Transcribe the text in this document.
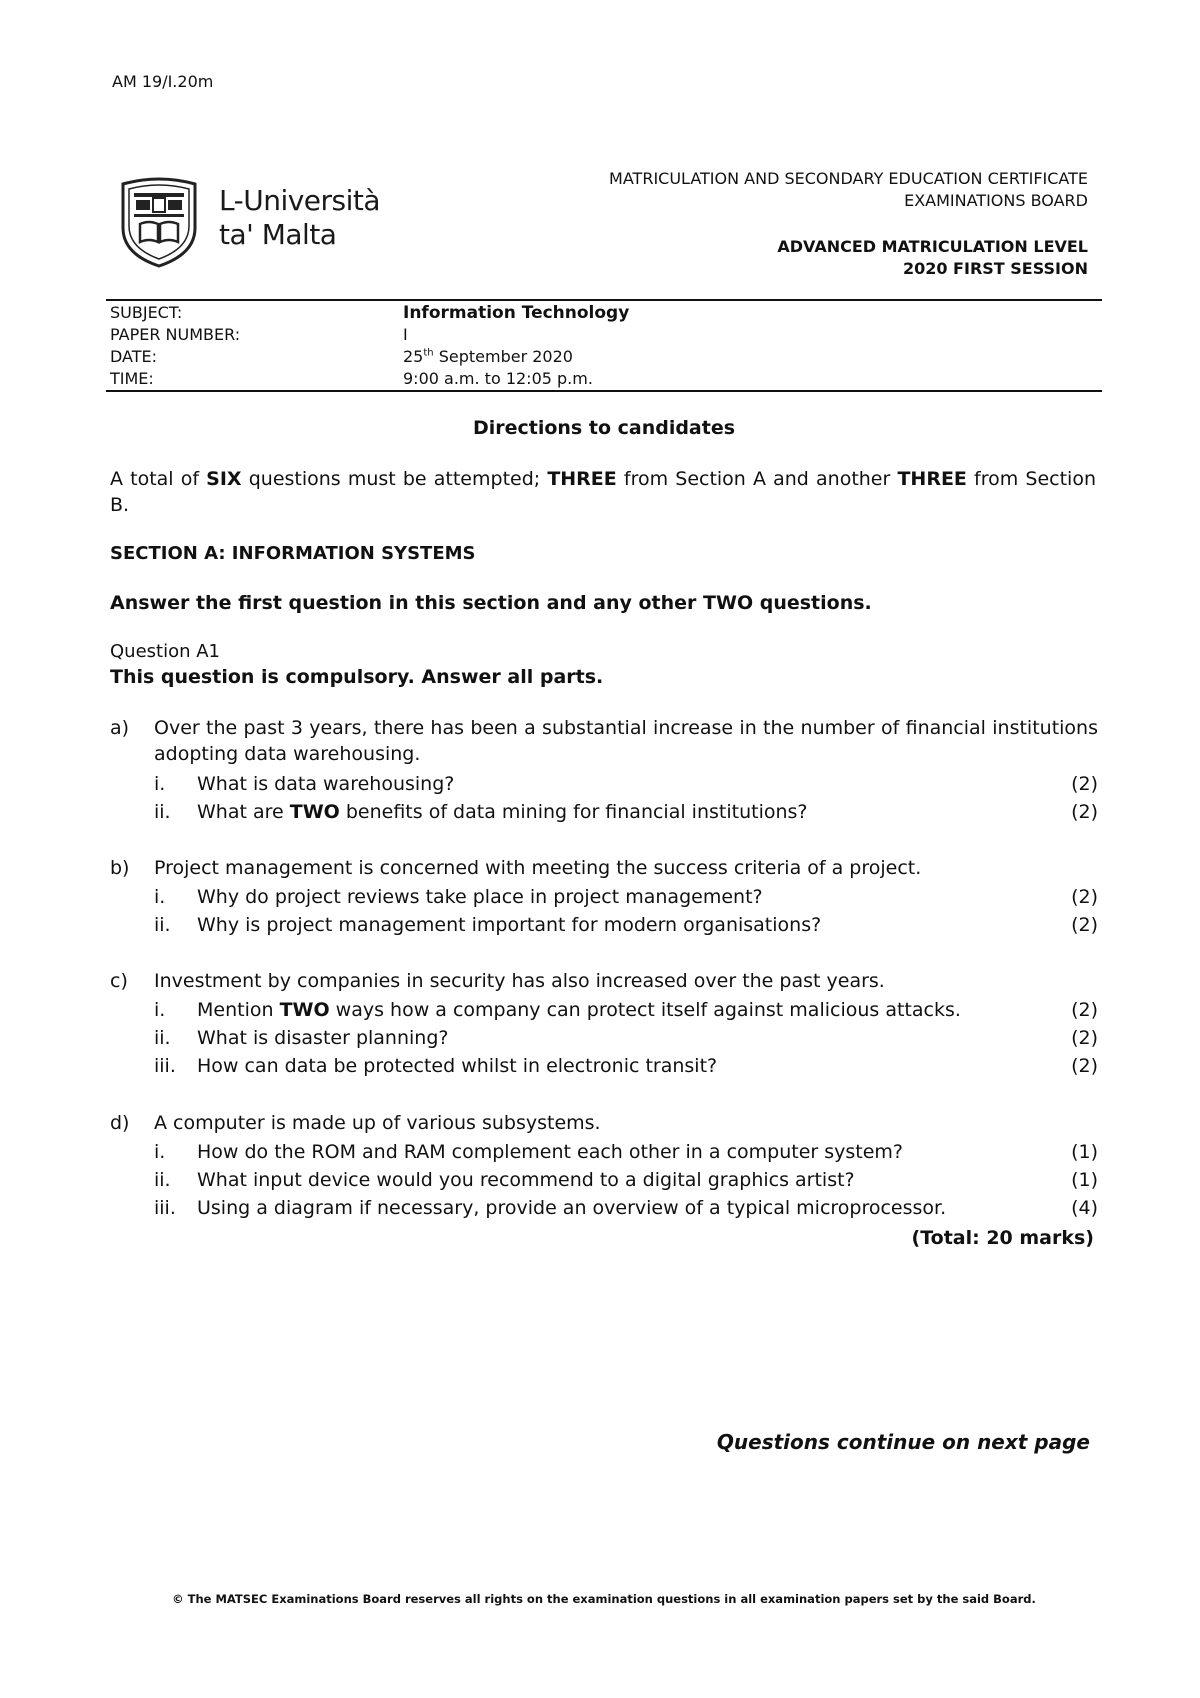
AM 19/I.20m
L-Università
ta' Malta
MATRICULATION AND SECONDARY EDUCATION CERTIFICATE
EXAMINATIONS BOARD
ADVANCED MATRICULATION LEVEL
2020 FIRST SESSION
SUBJECT:	Information Technology
PAPER NUMBER:	I
DATE:	25th September 2020
TIME:	9:00 a.m. to 12:05 p.m.
Directions to candidates
A total of SIX questions must be attempted; THREE from Section A and another THREE from Section B.
SECTION A: INFORMATION SYSTEMS
Answer the first question in this section and any other TWO questions.
Question A1
This question is compulsory. Answer all parts.
a) Over the past 3 years, there has been a substantial increase in the number of financial institutions adopting data warehousing.
i. What is data warehousing?	(2)
ii. What are TWO benefits of data mining for financial institutions?	(2)
b) Project management is concerned with meeting the success criteria of a project.
i. Why do project reviews take place in project management?	(2)
ii. Why is project management important for modern organisations?	(2)
c) Investment by companies in security has also increased over the past years.
i. Mention TWO ways how a company can protect itself against malicious attacks.	(2)
ii. What is disaster planning?	(2)
iii. How can data be protected whilst in electronic transit?	(2)
d) A computer is made up of various subsystems.
i. How do the ROM and RAM complement each other in a computer system?	(1)
ii. What input device would you recommend to a digital graphics artist?	(1)
iii. Using a diagram if necessary, provide an overview of a typical microprocessor.	(4)
(Total: 20 marks)
Questions continue on next page
© The MATSEC Examinations Board reserves all rights on the examination questions in all examination papers set by the said Board.
